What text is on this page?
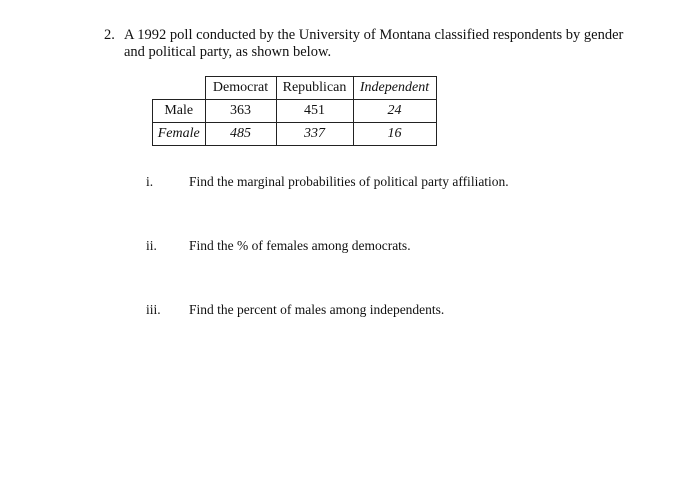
2. A 1992 poll conducted by the University of Montana classified respondents by gender and political party, as shown below.
	Democrat	Republican	Independent
Male	363	451	24
Female	485	337	16
i.	Find the marginal probabilities of political party affiliation.
ii. Find the % of females among democrats.
iii. Find the percent of males among independents.
